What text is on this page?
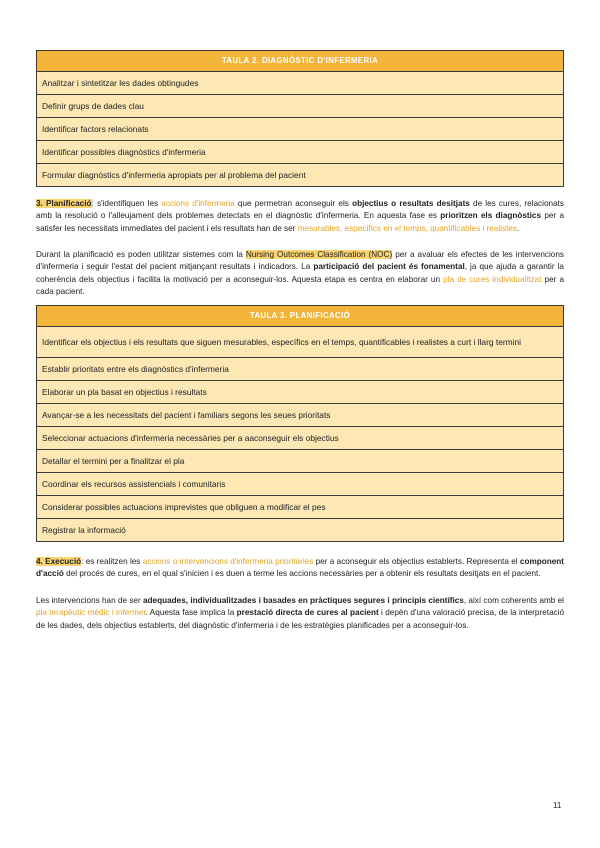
TAULA 2. DIAGNÒSTIC D'INFERMERIA
Analitzar i sintetitzar les dades obtingudes
Definir grups de dades clau
Identificar factors relacionats
Identificar possibles diagnòstics d'infermeria
Formular diagnòstics d'infermeria apropiats per al problema del pacient

3. Planificació: s'identifiquen les accions d'infermeria que permetran aconseguir els objectius o resultats desitjats de les cures, relacionats amb la resolució o l'alleujament dels problemes detectats en el diagnòstic d'infermeria. En aquesta fase es prioritzen els diagnòstics per a satisfer les necessitats immediates del pacient i els resultats han de ser mesurables, específics en el temps, quantificables i realistes.

Durant la planificació es poden utilitzar sistemes com la Nursing Outcomes Classification (NOC) per a avaluar els efectes de les intervencions d'infermeria i seguir l'estat del pacient mitjançant resultats i indicadors. La participació del pacient és fonamental, ja que ajuda a garantir la coherència dels objectius i facilita la motivació per a aconseguir-los. Aquesta etapa es centra en elaborar un pla de cures individualitzat per a cada pacient.

TAULA 3. PLANIFICACIÓ
Identificar els objectius i els resultats que siguen mesurables, específics en el temps, quantificables i realistes a curt i llarg termini
Establir prioritats entre els diagnòstics d'infermeria
Elaborar un pla basat en objectius i resultats
Avançar-se a les necessitats del pacient i familiars segons les seues prioritats
Seleccionar actuacions d'infermeria necessàries per a aaconseguir els objectius
Detallar el termini per a finalitzar el pla
Coordinar els recursos assistencials i comunitaris
Considerar possibles actuacions imprevistes que obliguen a modificar el pes
Registrar la informació

4. Execució: es realitzen les accions o intervencions d'infermeria prioritàries per a aconseguir els objectius establerts. Representa el component d'acció del procés de cures, en el qual s'inicien i es duen a terme les accions necessàries per a obtenir els resultats desitjats en el pacient.

Les intervencions han de ser adequades, individualitzades i basades en pràctiques segures i principis científics, així com coherents amb el pla terapèutic mèdic i infermer. Aquesta fase implica la prestació directa de cures al pacient i depèn d'una valoració precisa, de la interpretació de les dades, dels objectius establerts, del diagnòstic d'infermeria i de les estratègies planificades per a aconseguir-los.

11
